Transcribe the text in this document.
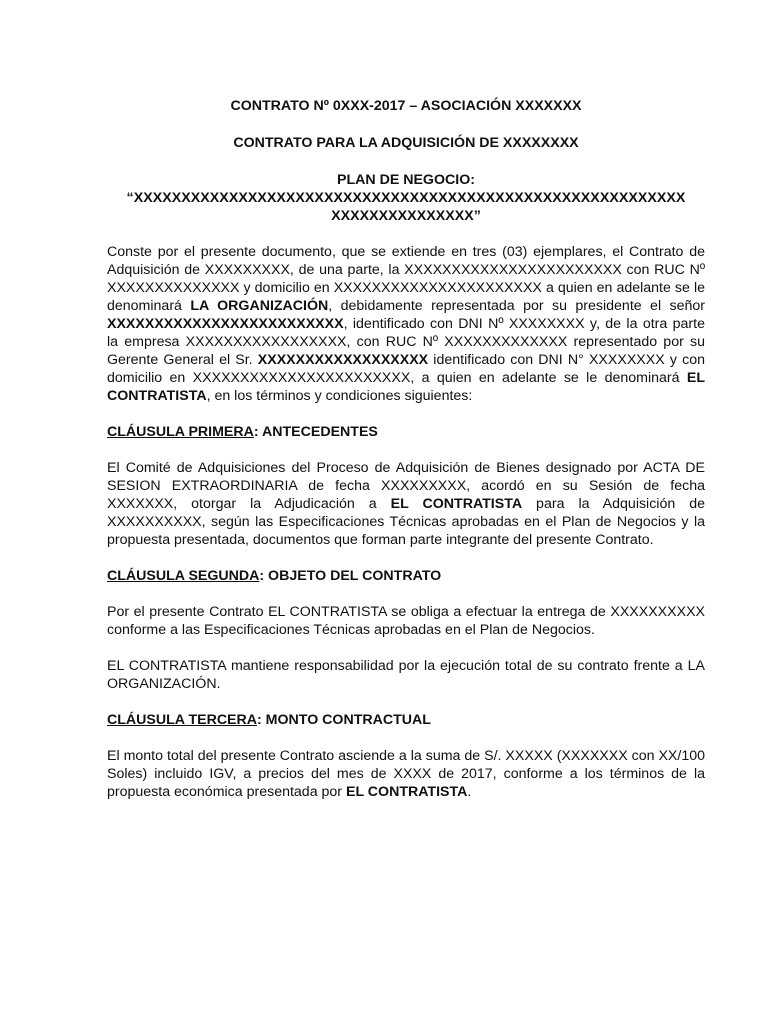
CONTRATO Nº 0XXX-2017 – ASOCIACIÓN XXXXXXX

CONTRATO PARA LA ADQUISICIÓN DE XXXXXXXX

PLAN DE NEGOCIO:

“XXXXXXXXXXXXXXXXXXXXXXXXXXXXXXXXXXXXXXXXXXXXXXXXXXXXXXXXXX
XXXXXXXXXXXXXXX”

Conste por el presente documento, que se extiende en tres (03) ejemplares, el Contrato de Adquisición de XXXXXXXXX, de una parte, la XXXXXXXXXXXXXXXXXXXXXXX con RUC Nº XXXXXXXXXXXXXX y domicilio en XXXXXXXXXXXXXXXXXXXXXX a quien en adelante se le denominará LA ORGANIZACIÓN, debidamente representada por su presidente el señor XXXXXXXXXXXXXXXXXXXXXXXXX, identificado con DNI Nº XXXXXXXX y, de la otra parte la empresa XXXXXXXXXXXXXXXXX, con RUC Nº XXXXXXXXXXXXX representado por su Gerente General el Sr. XXXXXXXXXXXXXXXXXX identificado con DNI N° XXXXXXXX y con domicilio en XXXXXXXXXXXXXXXXXXXXXXX, a quien en adelante se le denominará EL CONTRATISTA, en los términos y condiciones siguientes:

CLÁUSULA PRIMERA: ANTECEDENTES

El Comité de Adquisiciones del Proceso de Adquisición de Bienes designado por ACTA DE SESION EXTRAORDINARIA de fecha XXXXXXXXX, acordó en su Sesión de fecha XXXXXXX, otorgar la Adjudicación a EL CONTRATISTA para la Adquisición de XXXXXXXXXX, según las Especificaciones Técnicas aprobadas en el Plan de Negocios y la propuesta presentada, documentos que forman parte integrante del presente Contrato.

CLÁUSULA SEGUNDA: OBJETO DEL CONTRATO

Por el presente Contrato EL CONTRATISTA se obliga a efectuar la entrega de XXXXXXXXXX conforme a las Especificaciones Técnicas aprobadas en el Plan de Negocios.

EL CONTRATISTA mantiene responsabilidad por la ejecución total de su contrato frente a LA ORGANIZACIÓN.

CLÁUSULA TERCERA: MONTO CONTRACTUAL

El monto total del presente Contrato asciende a la suma de S/. XXXXX (XXXXXXX con XX/100 Soles) incluido IGV, a precios del mes de XXXX de 2017, conforme a los términos de la propuesta económica presentada por EL CONTRATISTA.
